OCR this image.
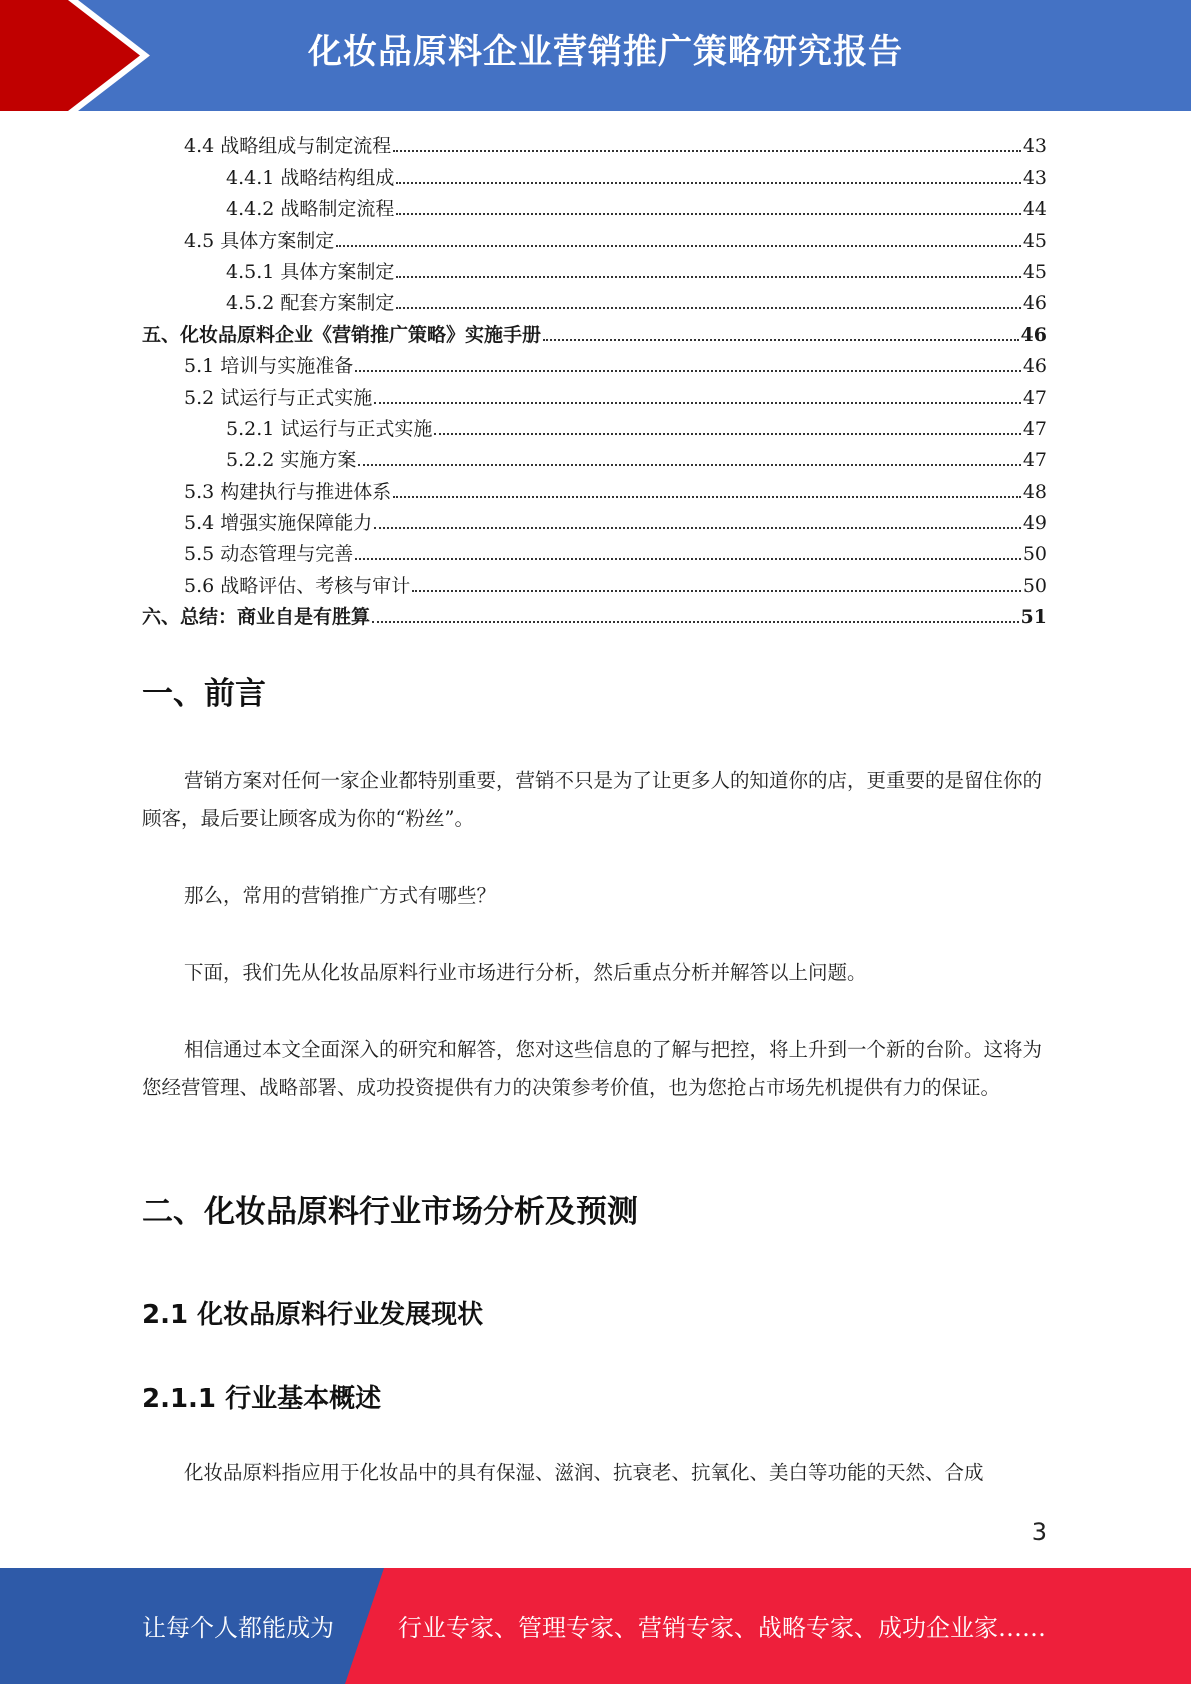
化妆品原料企业营销推广策略研究报告
4.4 战略组成与制定流程	43
4.4.1 战略结构组成	43
4.4.2 战略制定流程	44
4.5 具体方案制定	45
4.5.1 具体方案制定	45
4.5.2 配套方案制定	46
五、化妆品原料企业《营销推广策略》实施手册	46
5.1 培训与实施准备	46
5.2 试运行与正式实施	47
5.2.1 试运行与正式实施	47
5.2.2 实施方案	47
5.3 构建执行与推进体系	48
5.4 增强实施保障能力	49
5.5 动态管理与完善	50
5.6 战略评估、考核与审计	50
六、总结：商业自是有胜算	51
一、前言

营销方案对任何一家企业都特别重要，营销不只是为了让更多人的知道你的店，更重要的是留住你的顾客，最后要让顾客成为你的“粉丝”。

那么，常用的营销推广方式有哪些？

下面，我们先从化妆品原料行业市场进行分析，然后重点分析并解答以上问题。

相信通过本文全面深入的研究和解答，您对这些信息的了解与把控，将上升到一个新的台阶。这将为您经营管理、战略部署、成功投资提供有力的决策参考价值，也为您抢占市场先机提供有力的保证。

二、化妆品原料行业市场分析及预测
2.1 化妆品原料行业发展现状
2.1.1 行业基本概述

化妆品原料指应用于化妆品中的具有保湿、滋润、抗衰老、抗氧化、美白等功能的天然、合成

3
让每个人都能成为	行业专家、管理专家、营销专家、战略专家、成功企业家……
